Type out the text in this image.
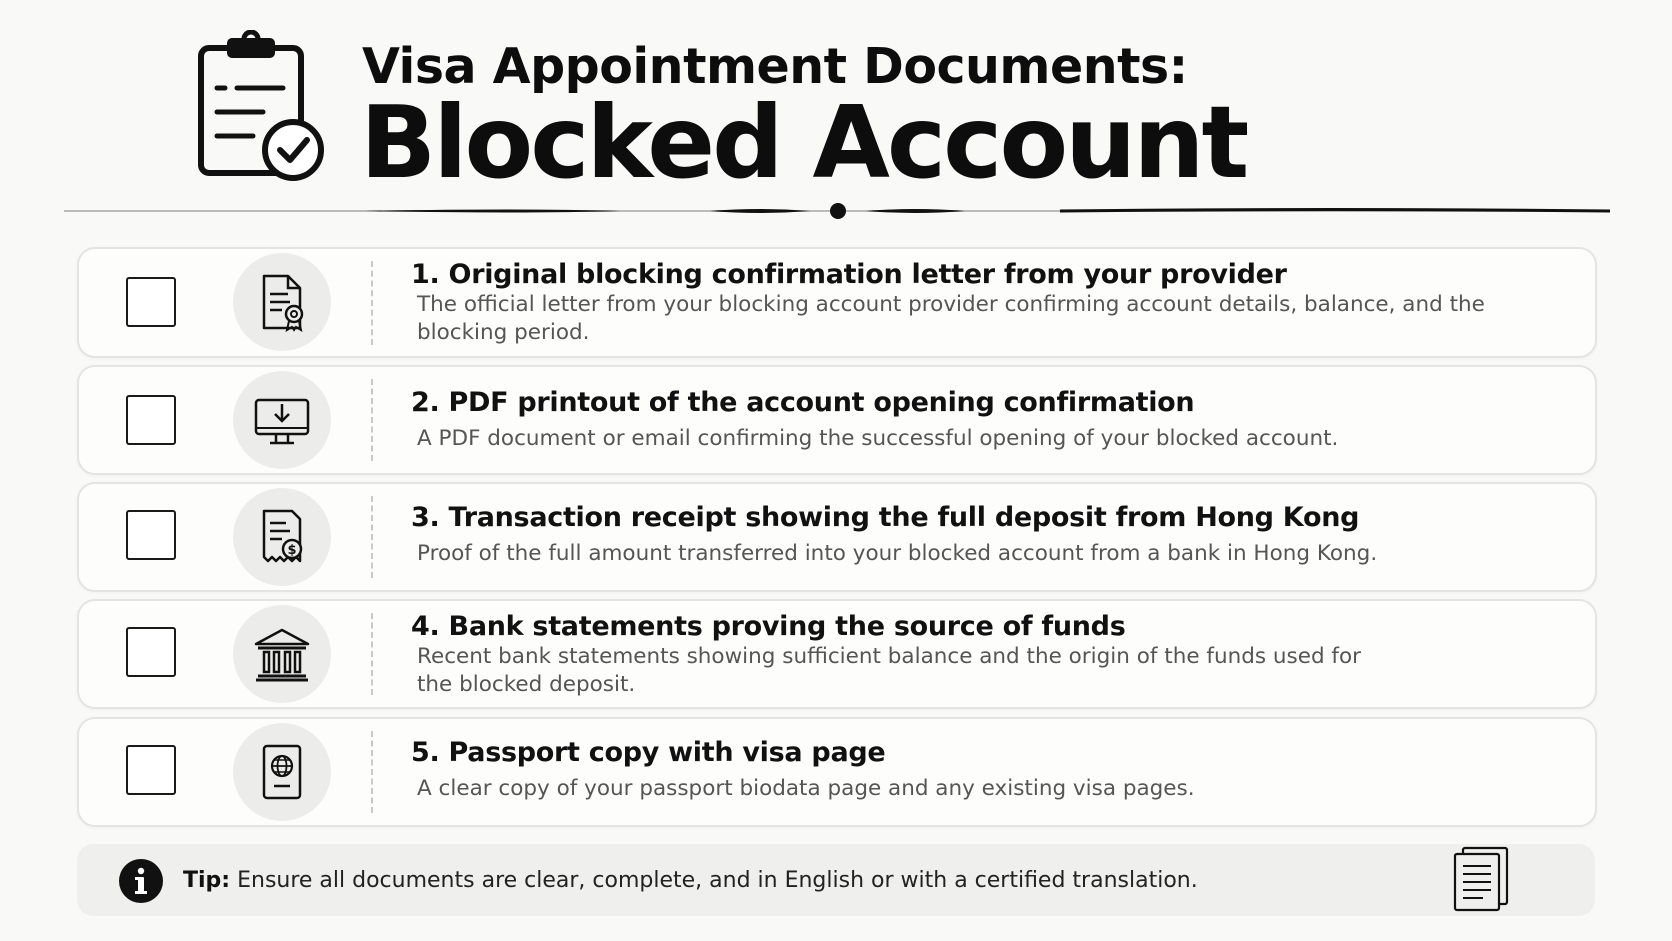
Visa Appointment Documents:
Blocked Account
1. Original blocking confirmation letter from your provider
The official letter from your blocking account provider confirming account details, balance, and the blocking period.
2. PDF printout of the account opening confirmation
A PDF document or email confirming the successful opening of your blocked account.
$
3. Transaction receipt showing the full deposit from Hong Kong
Proof of the full amount transferred into your blocked account from a bank in Hong Kong.
4. Bank statements proving the source of funds
Recent bank statements showing sufficient balance and the origin of the funds used for the blocked deposit.
5. Passport copy with visa page
A clear copy of your passport biodata page and any existing visa pages.
Tip: Ensure all documents are clear, complete, and in English or with a certified translation.
